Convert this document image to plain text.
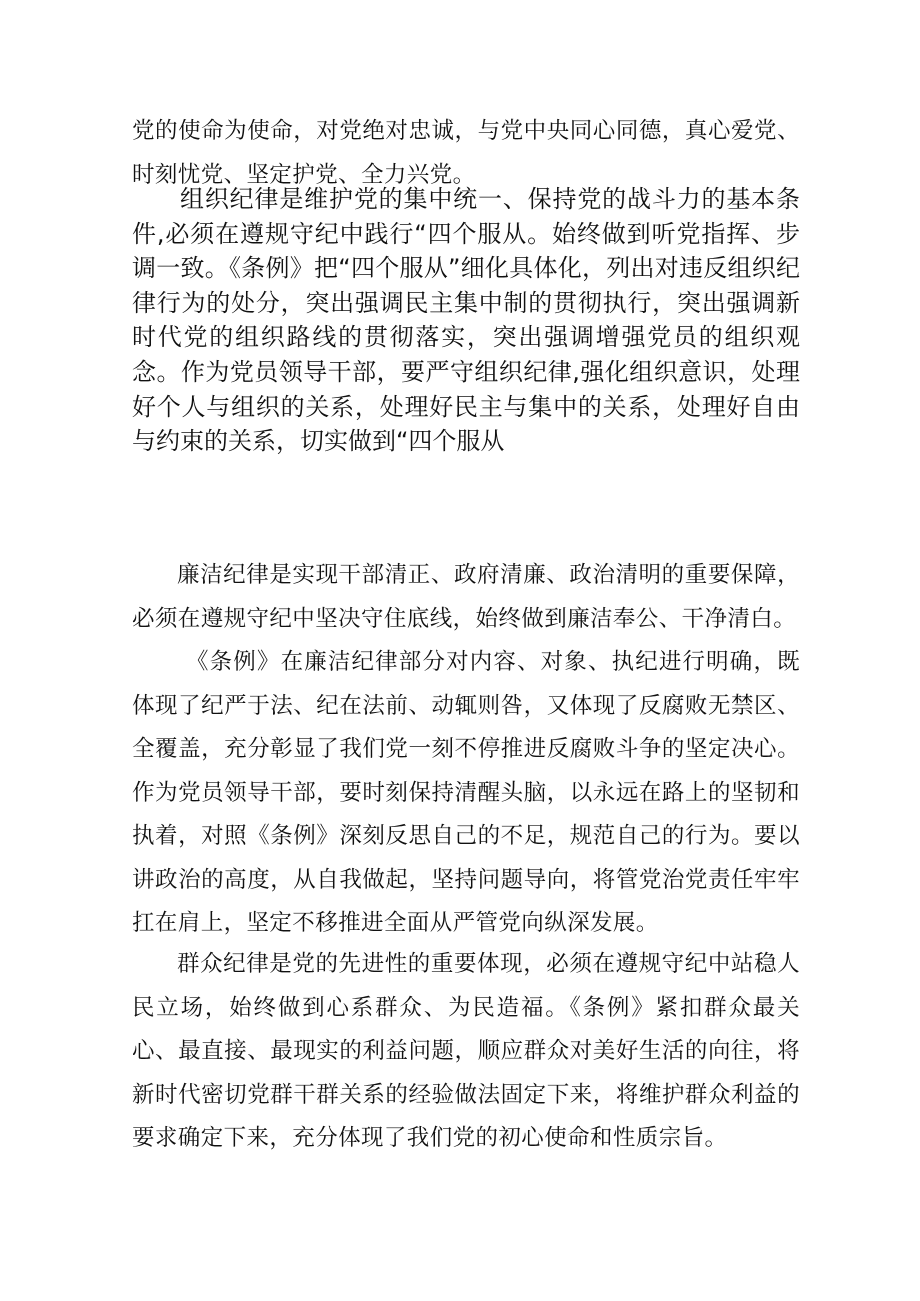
党的使命为使命，对党绝对忠诚，与党中央同心同德，真心爱党、时刻忧党、坚定护党、全力兴党。

组织纪律是维护党的集中统一、保持党的战斗力的基本条件,必须在遵规守纪中践行“四个服从。始终做到听党指挥、步调一致。《条例》把“四个服从”细化具体化，列出对违反组织纪律行为的处分，突出强调民主集中制的贯彻执行，突出强调新时代党的组织路线的贯彻落实，突出强调增强党员的组织观念。作为党员领导干部，要严守组织纪律,强化组织意识，处理好个人与组织的关系，处理好民主与集中的关系，处理好自由与约束的关系，切实做到“四个服从

廉洁纪律是实现干部清正、政府清廉、政治清明的重要保障，必须在遵规守纪中坚决守住底线，始终做到廉洁奉公、干净清白。

《条例》在廉洁纪律部分对内容、对象、执纪进行明确，既体现了纪严于法、纪在法前、动辄则咎，又体现了反腐败无禁区、全覆盖，充分彰显了我们党一刻不停推进反腐败斗争的坚定决心。作为党员领导干部，要时刻保持清醒头脑，以永远在路上的坚韧和执着，对照《条例》深刻反思自己的不足，规范自己的行为。要以讲政治的高度，从自我做起，坚持问题导向，将管党治党责任牢牢扛在肩上，坚定不移推进全面从严管党向纵深发展。

群众纪律是党的先进性的重要体现，必须在遵规守纪中站稳人民立场，始终做到心系群众、为民造福。《条例》紧扣群众最关心、最直接、最现实的利益问题，顺应群众对美好生活的向往，将新时代密切党群干群关系的经验做法固定下来，将维护群众利益的要求确定下来，充分体现了我们党的初心使命和性质宗旨。
